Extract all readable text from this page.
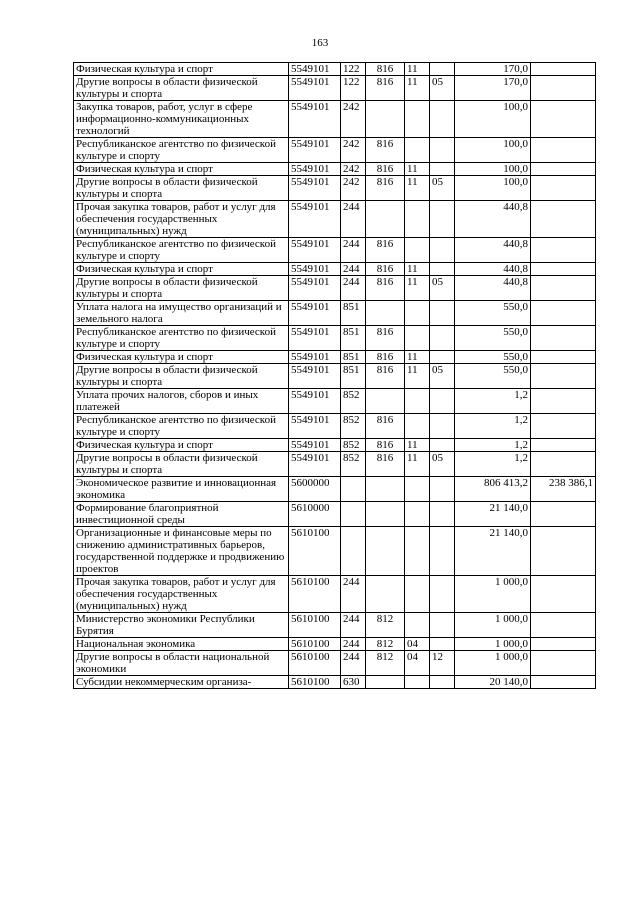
163
Физическая культура и спорт	5549101	122	816	11		170,0	
Другие вопросы в области физической культуры и спорта	5549101	122	816	11	05	170,0	
Закупка товаров, работ, услуг в сфере информационно-коммуникационных технологий	5549101	242				100,0	
Республиканское агентство по физической культуре и спорту	5549101	242	816			100,0	
Физическая культура и спорт	5549101	242	816	11		100,0	
Другие вопросы в области физической культуры и спорта	5549101	242	816	11	05	100,0	
Прочая закупка товаров, работ и услуг для обеспечения государственных (муниципальных) нужд	5549101	244				440,8	
Республиканское агентство по физической культуре и спорту	5549101	244	816			440,8	
Физическая культура и спорт	5549101	244	816	11		440,8	
Другие вопросы в области физической культуры и спорта	5549101	244	816	11	05	440,8	
Уплата налога на имущество организаций и земельного налога	5549101	851				550,0	
Республиканское агентство по физической культуре и спорту	5549101	851	816			550,0	
Физическая культура и спорт	5549101	851	816	11		550,0	
Другие вопросы в области физической культуры и спорта	5549101	851	816	11	05	550,0	
Уплата прочих налогов, сборов и иных платежей	5549101	852				1,2	
Республиканское агентство по физической культуре и спорту	5549101	852	816			1,2	
Физическая культура и спорт	5549101	852	816	11		1,2	
Другие вопросы в области физической культуры и спорта	5549101	852	816	11	05	1,2	
Экономическое развитие и инновационная экономика	5600000					806 413,2	238 386,1
Формирование благоприятной инвестиционной среды	5610000					21 140,0	
Организационные и финансовые меры по снижению административных барьеров, государственной поддержке и продвижению проектов	5610100					21 140,0	
Прочая закупка товаров, работ и услуг для обеспечения государственных (муниципальных) нужд	5610100	244				1 000,0	
Министерство экономики Республики Бурятия	5610100	244	812			1 000,0	
Национальная экономика	5610100	244	812	04		1 000,0	
Другие вопросы в области национальной экономики	5610100	244	812	04	12	1 000,0	
Субсидии некоммерческим организа-	5610100	630				20 140,0	
